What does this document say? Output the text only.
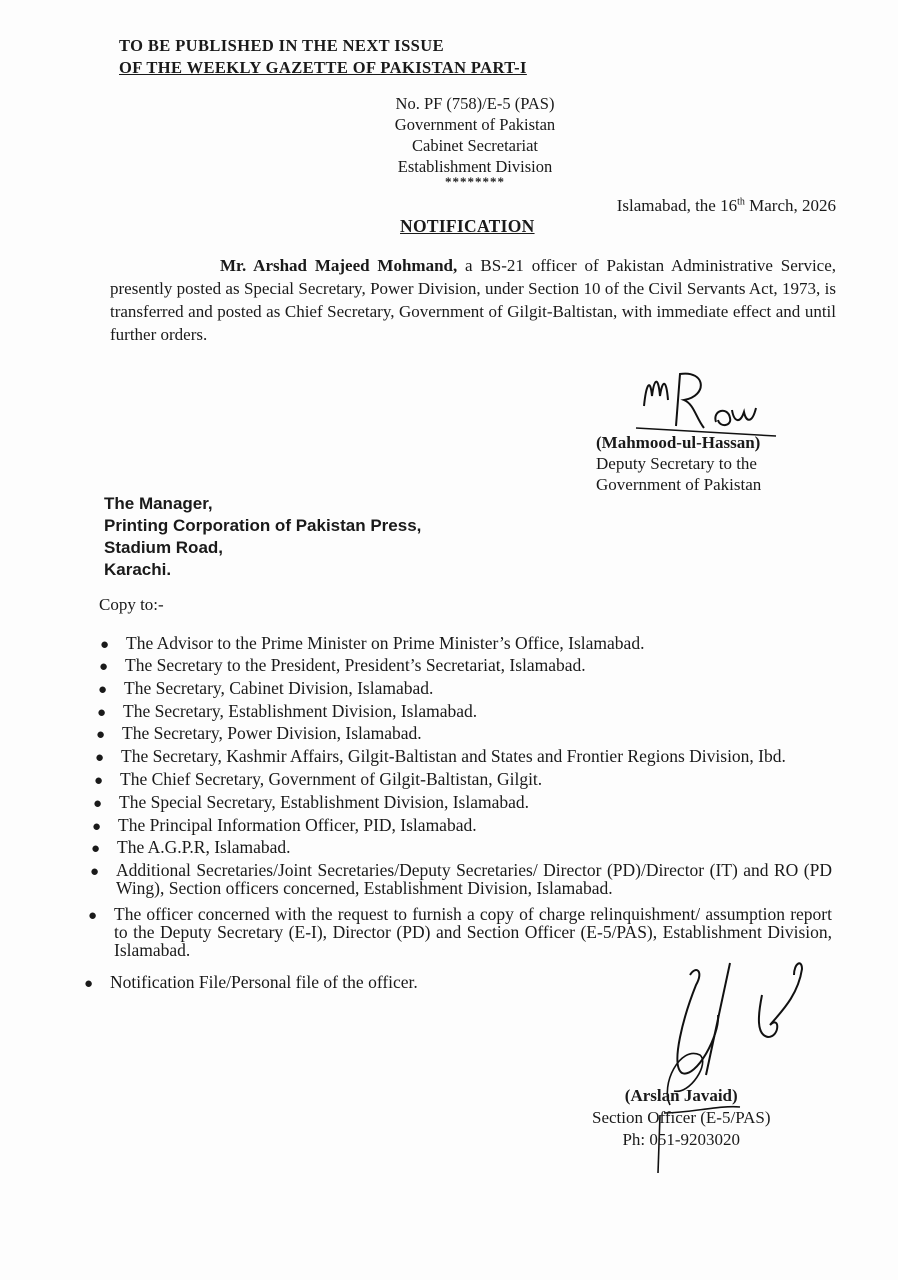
TO BE PUBLISHED IN THE NEXT ISSUE
OF THE WEEKLY GAZETTE OF PAKISTAN PART-I
No. PF (758)/E-5 (PAS)
Government of Pakistan
Cabinet Secretariat
Establishment Division
********
Islamabad, the 16th March, 2026
NOTIFICATION
Mr. Arshad Majeed Mohmand, a BS-21 officer of Pakistan Administrative Service, presently posted as Special Secretary, Power Division, under Section 10 of the Civil Servants Act, 1973, is transferred and posted as Chief Secretary, Government of Gilgit-Baltistan, with immediate effect and until further orders.
(Mahmood-ul-Hassan)
Deputy Secretary to the
Government of Pakistan
The Manager,
Printing Corporation of Pakistan Press,
Stadium Road,
Karachi.
Copy to:-
● The Advisor to the Prime Minister on Prime Minister’s Office, Islamabad.
● The Secretary to the President, President’s Secretariat, Islamabad.
● The Secretary, Cabinet Division, Islamabad.
● The Secretary, Establishment Division, Islamabad.
● The Secretary, Power Division, Islamabad.
● The Secretary, Kashmir Affairs, Gilgit-Baltistan and States and Frontier Regions Division, Ibd.
● The Chief Secretary, Government of Gilgit-Baltistan, Gilgit.
● The Special Secretary, Establishment Division, Islamabad.
● The Principal Information Officer, PID, Islamabad.
● The A.G.P.R, Islamabad.
● Additional Secretaries/Joint Secretaries/Deputy Secretaries/ Director (PD)/Director (IT) and RO (PD Wing), Section officers concerned, Establishment Division, Islamabad.
● The officer concerned with the request to furnish a copy of charge relinquishment/ assumption report to the Deputy Secretary (E-I), Director (PD) and Section Officer (E-5/PAS), Establishment Division, Islamabad.
● Notification File/Personal file of the officer.
(Arslan Javaid)
Section Officer (E-5/PAS)
Ph: 051-9203020
